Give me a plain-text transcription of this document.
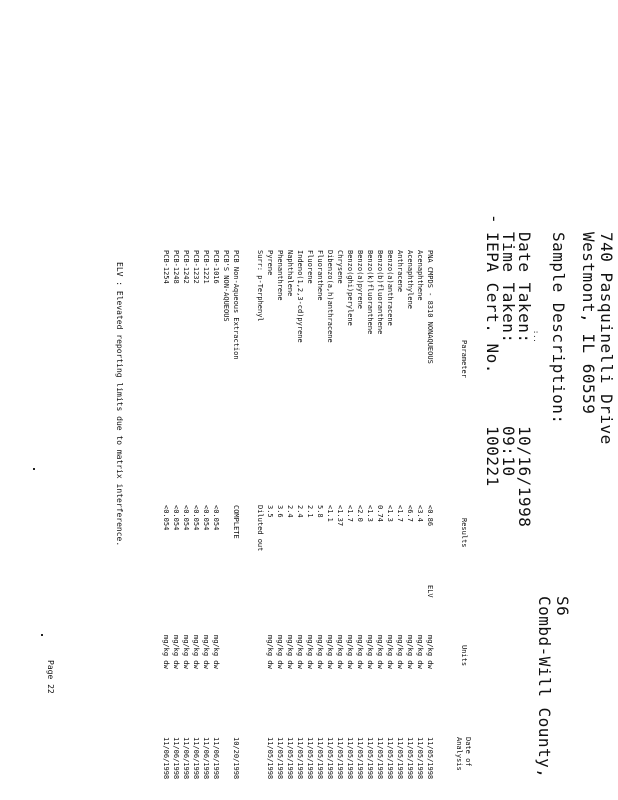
740 Pasquinelli Drive
Westmont, IL 60559
Sample Description:
S6
Combd-Will County,
:..
Date Taken:
10/16/1998
Time Taken:
09:10
-
IEPA Cert. No.
100221
Parameter
Results
Units
Date of
Analysis
PNA CMPDS - 8310 NONAQUEOUS
<0.86
ELV
mg/kg dw
11/05/1998
Acenaphthene
<3.4
mg/kg dw
11/05/1998
Acenaphthylene
<6.7
mg/kg dw
11/05/1998
Anthracene
<1.7
mg/kg dw
11/05/1998
Benzo(a)anthracene
<1.3
mg/kg dw
11/05/1998
Benzo(b)fluoranthene
0.74
mg/kg dw
11/05/1998
Benzo(k)fluoranthene
<1.3
mg/kg dw
11/05/1998
Benzo(a)pyrene
<2.0
mg/kg dw
11/05/1998
Benzo(ghi)perylene
<1.7
mg/kg dw
11/05/1998
Chrysene
<1.37
mg/kg dw
11/05/1998
Dibenzo(a,h)anthracene
<1.1
mg/kg dw
11/05/1998
Fluoranthene
5.8
mg/kg dw
11/05/1998
Fluorene
2.1
mg/kg dw
11/05/1998
Indeno(1,2,3-cd)pyrene
2.4
mg/kg dw
11/05/1998
Naphthalene
2.4
mg/kg dw
11/05/1998
Phenanthrene
3.6
mg/kg dw
11/05/1998
Pyrene
3.5
mg/kg dw
11/05/1998
Surr: p-Terphenyl
Diluted out
PCB Non-Aqueous Extraction
COMPLETE
10/20/1998
PCB'S NON-AQUEOUS
PCB-1016
<0.054
mg/kg dw
11/06/1998
PCB-1221
<0.054
mg/kg dw
11/06/1998
PCB-1232
<0.054
mg/kg dw
11/06/1998
PCB-1242
<0.054
mg/kg dw
11/06/1998
PCB-1248
<0.054
mg/kg dw
11/06/1998
PCB-1254
<0.054
mg/kg dw
11/06/1998
ELV : Elevated reporting limits due to matrix interference.
Page 22
